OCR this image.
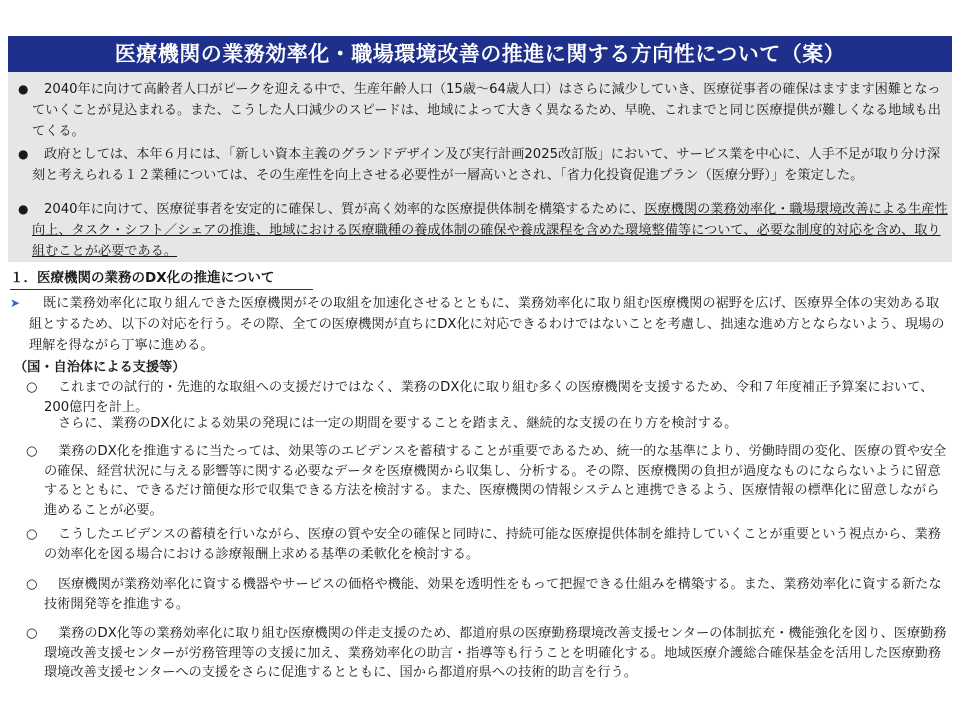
医療機関の業務効率化・職場環境改善の推進に関する方向性について（案）
●	2040年に向けて高齢者人口がピークを迎える中で、生産年齢人口（15歳～64歳人口）はさらに減少していき、医療従事者の確保はますます困難となっていくことが見込まれる。また、こうした人口減少のスピードは、地域によって大きく異なるため、早晩、これまでと同じ医療提供が難しくなる地域も出てくる。
●	政府としては、本年６月には、「新しい資本主義のグランドデザイン及び実行計画2025改訂版」において、サービス業を中心に、人手不足が取り分け深刻と考えられる１２業種については、その生産性を向上させる必要性が一層高いとされ、「省力化投資促進プラン（医療分野）」を策定した。
●	2040年に向けて、医療従事者を安定的に確保し、質が高く効率的な医療提供体制を構築するために、医療機関の業務効率化・職場環境改善による生産性向上、タスク・シフト／シェアの推進、地域における医療職種の養成体制の確保や養成課程を含めた環境整備等について、必要な制度的対応を含め、取り組むことが必要である。
１．医療機関の業務のDX化の推進について
➤	既に業務効率化に取り組んできた医療機関がその取組を加速化させるとともに、業務効率化に取り組む医療機関の裾野を広げ、医療界全体の実効ある取組とするため、以下の対応を行う。その際、全ての医療機関が直ちにDX化に対応できるわけではないことを考慮し、拙速な進め方とならないよう、現場の理解を得ながら丁寧に進める。
（国・自治体による支援等）
○	これまでの試行的・先進的な取組への支援だけではなく、業務のDX化に取り組む多くの医療機関を支援するため、令和７年度補正予算案において、200億円を計上。
さらに、業務のDX化による効果の発現には一定の期間を要することを踏まえ、継続的な支援の在り方を検討する。
○	業務のDX化を推進するに当たっては、効果等のエビデンスを蓄積することが重要であるため、統一的な基準により、労働時間の変化、医療の質や安全の確保、経営状況に与える影響等に関する必要なデータを医療機関から収集し、分析する。その際、医療機関の負担が過度なものにならないように留意するとともに、できるだけ簡便な形で収集できる方法を検討する。また、医療機関の情報システムと連携できるよう、医療情報の標準化に留意しながら進めることが必要。
○	こうしたエビデンスの蓄積を行いながら、医療の質や安全の確保と同時に、持続可能な医療提供体制を維持していくことが重要という視点から、業務の効率化を図る場合における診療報酬上求める基準の柔軟化を検討する。
○	医療機関が業務効率化に資する機器やサービスの価格や機能、効果を透明性をもって把握できる仕組みを構築する。また、業務効率化に資する新たな技術開発等を推進する。
○	業務のDX化等の業務効率化に取り組む医療機関の伴走支援のため、都道府県の医療勤務環境改善支援センターの体制拡充・機能強化を図り、医療勤務環境改善支援センターが労務管理等の支援に加え、業務効率化の助言・指導等も行うことを明確化する。地域医療介護総合確保基金を活用した医療勤務環境改善支援センターへの支援をさらに促進するとともに、国から都道府県への技術的助言を行う。
